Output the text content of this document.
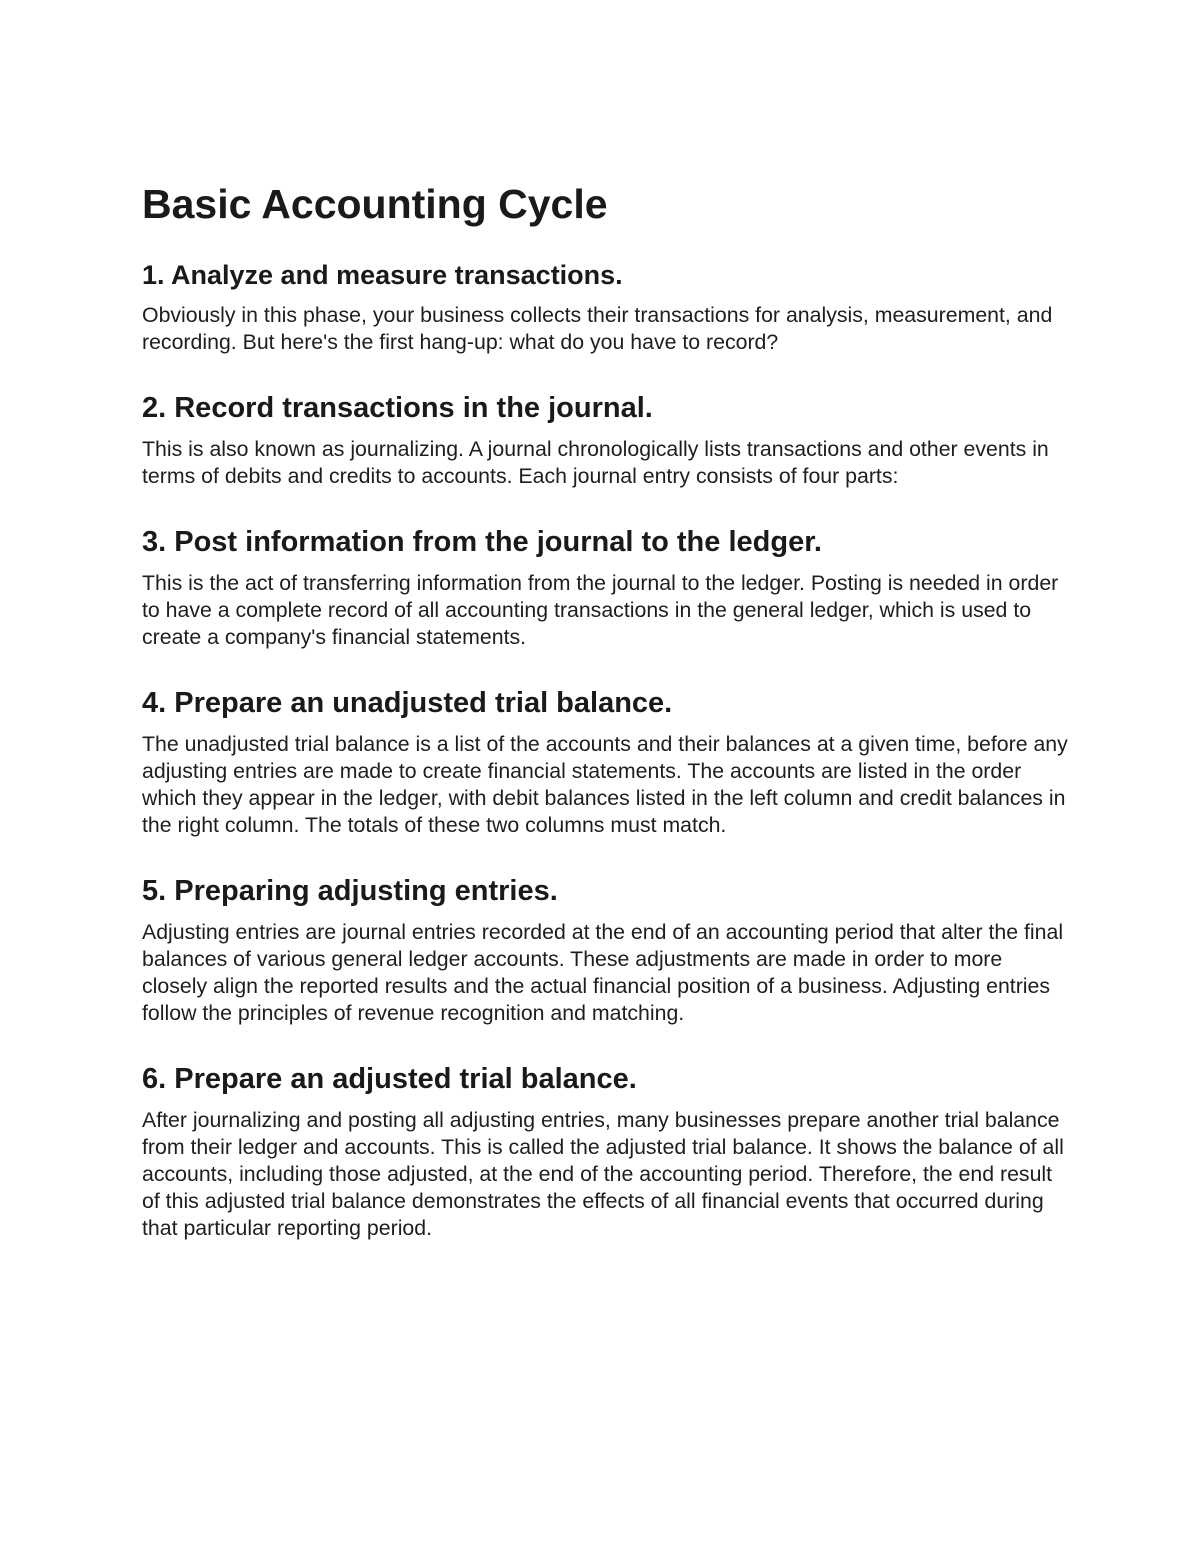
Basic Accounting Cycle
1. Analyze and measure transactions.

Obviously in this phase, your business collects their transactions for analysis, measurement, and recording. But here's the first hang-up: what do you have to record?

2. Record transactions in the journal.

This is also known as journalizing. A journal chronologically lists transactions and other events in terms of debits and credits to accounts. Each journal entry consists of four parts:

3. Post information from the journal to the ledger.

This is the act of transferring information from the journal to the ledger. Posting is needed in order to have a complete record of all accounting transactions in the general ledger, which is used to create a company's financial statements.

4. Prepare an unadjusted trial balance.

The unadjusted trial balance is a list of the accounts and their balances at a given time, before any adjusting entries are made to create financial statements. The accounts are listed in the order which they appear in the ledger, with debit balances listed in the left column and credit balances in the right column. The totals of these two columns must match.

5. Preparing adjusting entries.

Adjusting entries are journal entries recorded at the end of an accounting period that alter the final balances of various general ledger accounts. These adjustments are made in order to more closely align the reported results and the actual financial position of a business. Adjusting entries follow the principles of revenue recognition and matching.

6. Prepare an adjusted trial balance.

After journalizing and posting all adjusting entries, many businesses prepare another trial balance from their ledger and accounts. This is called the adjusted trial balance. It shows the balance of all accounts, including those adjusted, at the end of the accounting period. Therefore, the end result of this adjusted trial balance demonstrates the effects of all financial events that occurred during that particular reporting period.
